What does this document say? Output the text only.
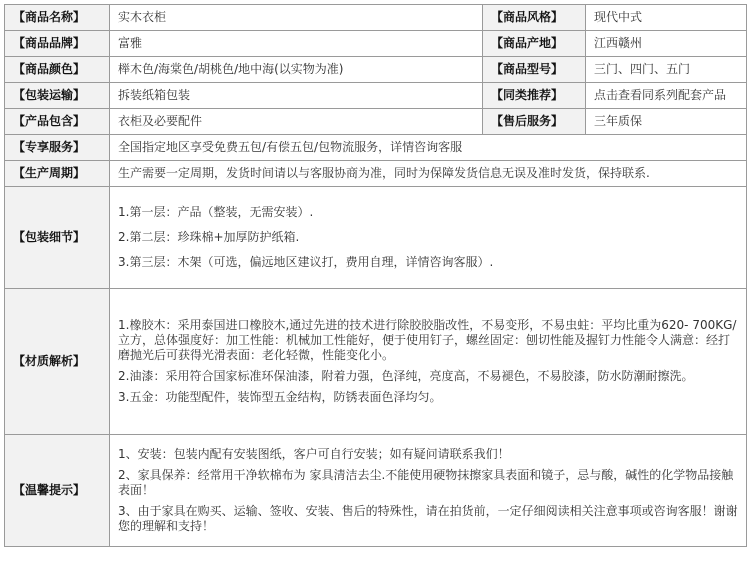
【商品名称】	实木衣柜	【商品风格】	现代中式
【商品品牌】	富雅	【商品产地】	江西赣州
【商品颜色】	榉木色/海棠色/胡桃色/地中海(以实物为准)	【商品型号】	三门、四门、五门
【包装运输】	拆装纸箱包装	【同类推荐】	点击查看同系列配套产品
【产品包含】	衣柜及必要配件	【售后服务】	三年质保
【专享服务】	全国指定地区享受免费五包/有偿五包/包物流服务，详情咨询客服		
【生产周期】	生产需要一定周期，发货时间请以与客服协商为准，同时为保障发货信息无误及准时发货，保持联系.		
【包装细节】	1.第一层：产品（整装，无需安装）.

2.第二层：珍珠棉+加厚防护纸箱.

3.第三层：木架（可选，偏远地区建议打，费用自理，详情咨询客服）.		

【材质解析】	1.橡胶木：采用泰国进口橡胶木,通过先进的技术进行除胶胶脂改性，不易变形，不易虫蛀：平均比重为620- 700KG/立方，总体强度好：加工性能：机械加工性能好，便于使用钉子，螺丝固定：刨切性能及握钉力性能令人满意：经打磨抛光后可获得光滑表面：老化轻微，性能变化小。

2.油漆：采用符合国家标准环保油漆，附着力强，色泽纯，亮度高，不易褪色，不易胶漆，防水防潮耐擦洗。

3.五金：功能型配件，装饰型五金结构，防锈表面色泽均匀。		

【温馨提示】	1、安装：包装内配有安装图纸，客户可自行安装；如有疑问请联系我们！

2、家具保养：经常用干净软棉布为 家具清洁去尘.不能使用硬物抹擦家具表面和镜子，忌与酸，碱性的化学物品接触表面！

3、由于家具在购买、运输、签收、安装、售后的特殊性，请在拍货前，一定仔细阅读相关注意事项或咨询客服！谢谢您的理解和支持！		
